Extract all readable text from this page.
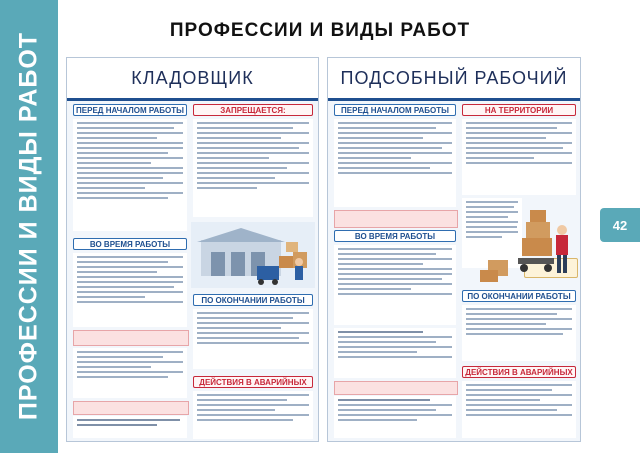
ПРОФЕССИИ И ВИДЫ РАБОТ	42
ПРОФЕССИИ И ВИДЫ РАБОТ
КЛАДОВЩИК
ПЕРЕД НАЧАЛОМ РАБОТЫ	ЗАПРЕЩАЕТСЯ:
ВО ВРЕМЯ РАБОТЫ
ПО ОКОНЧАНИИ РАБОТЫ
ДЕЙСТВИЯ В АВАРИЙНЫХ
ПОДСОБНЫЙ РАБОЧИЙ
ПЕРЕД НАЧАЛОМ РАБОТЫ
ВО ВРЕМЯ РАБОТЫ
НА ТЕРРИТОРИИ
ПО ОКОНЧАНИИ РАБОТЫ
ДЕЙСТВИЯ В АВАРИЙНЫХ
